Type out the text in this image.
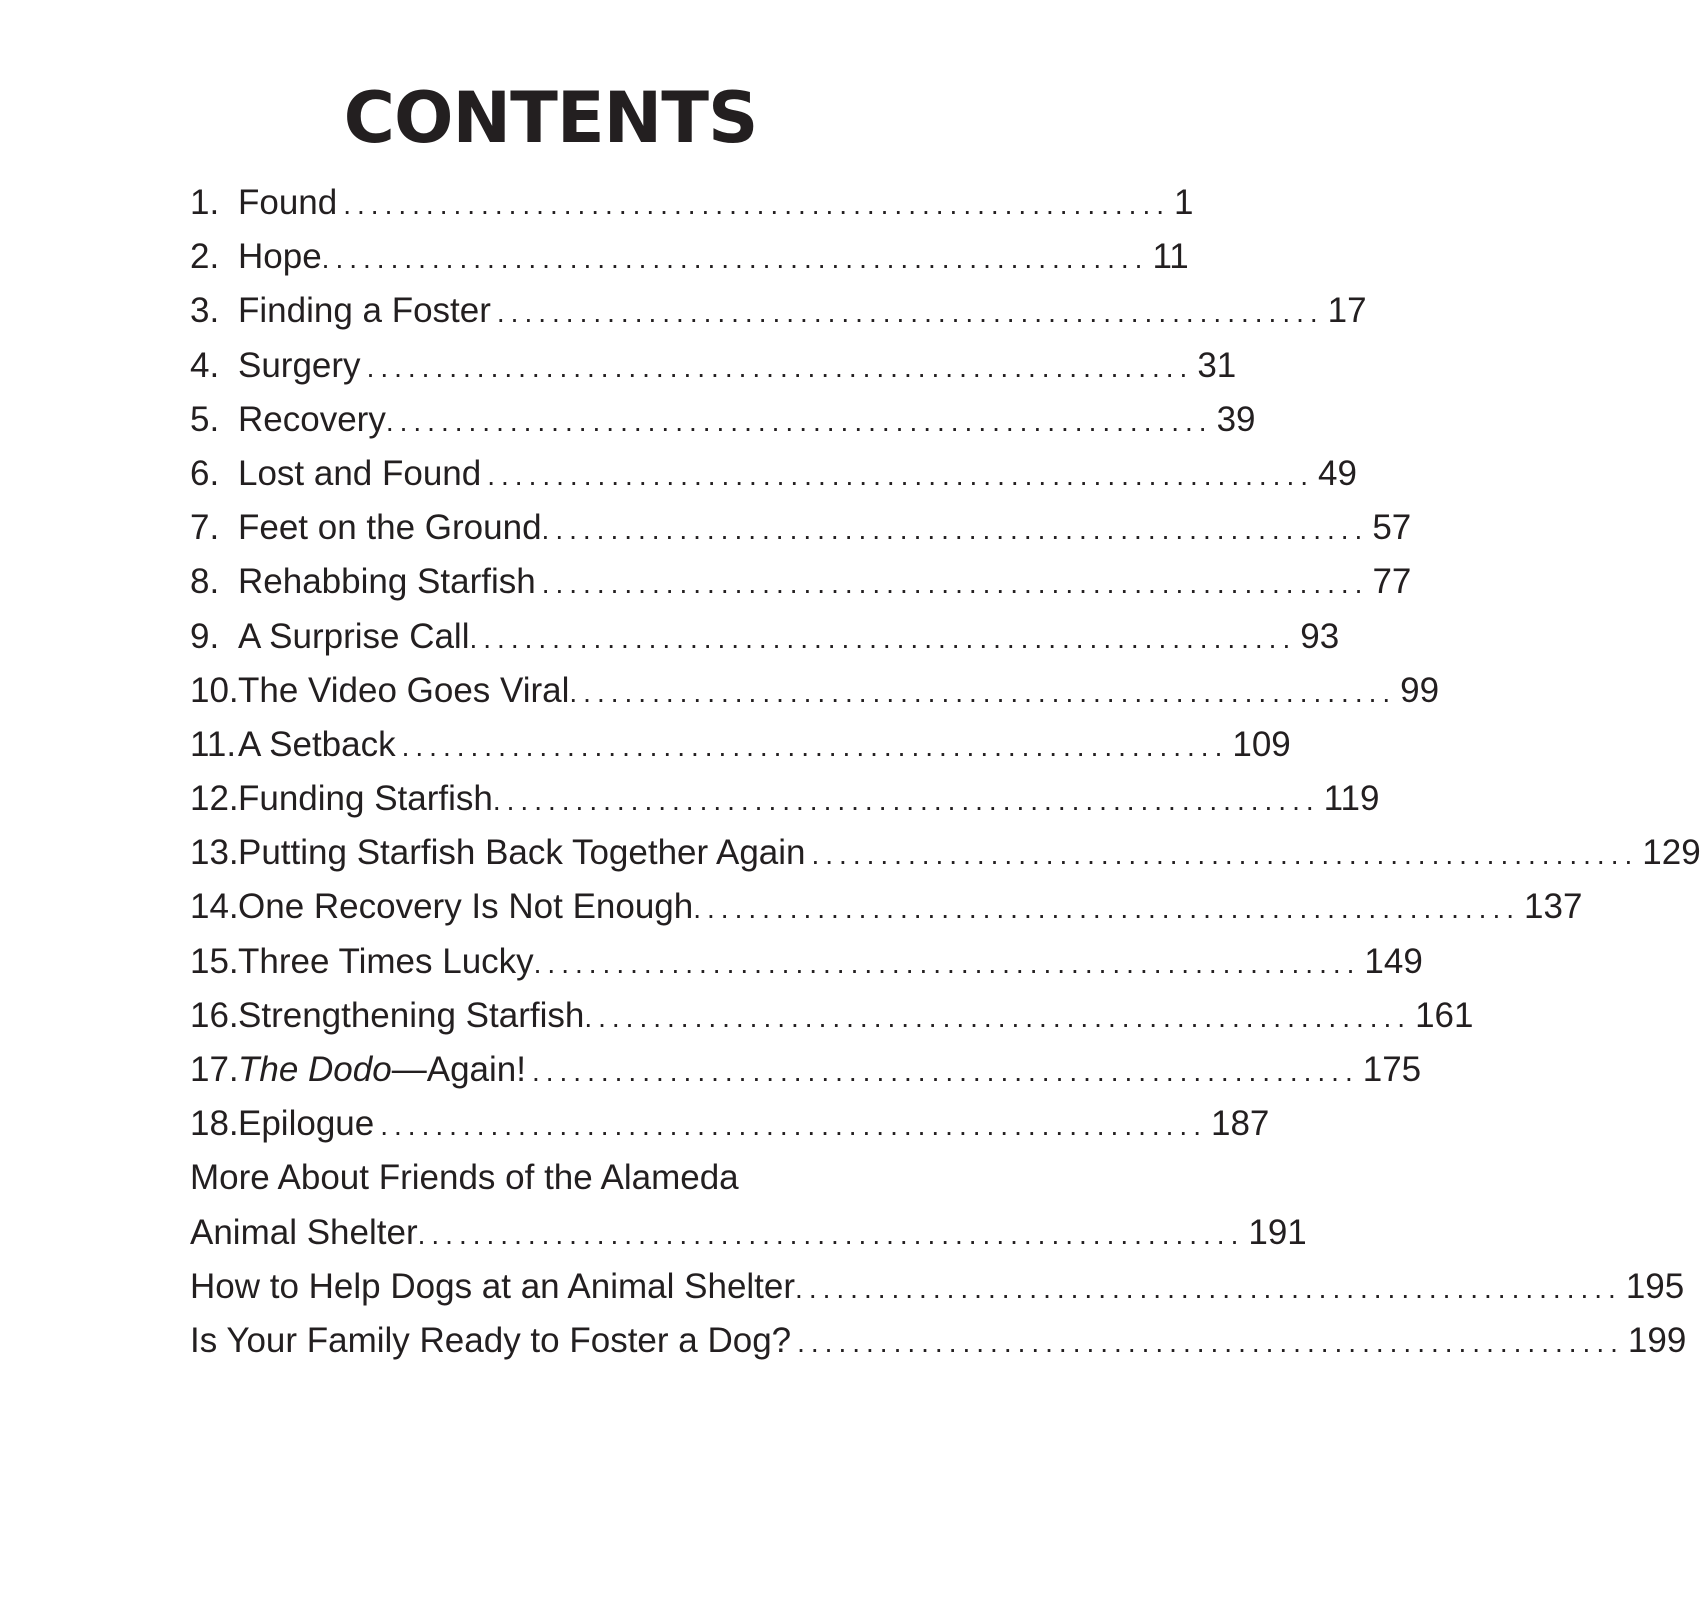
CONTENTS
1. Found ............................................................ 1
2. Hope ............................................................ 11
3. Finding a Foster ............................................................ 17
4. Surgery ............................................................ 31
5. Recovery ............................................................ 39
6. Lost and Found ............................................................ 49
7. Feet on the Ground ............................................................ 57
8. Rehabbing Starfish ............................................................ 77
9. A Surprise Call ............................................................ 93
10. The Video Goes Viral ............................................................ 99
11. A Setback ............................................................ 109
12. Funding Starfish ............................................................ 119
13. Putting Starfish Back Together Again ............................................................ 129
14. One Recovery Is Not Enough ............................................................ 137
15. Three Times Lucky ............................................................ 149
16. Strengthening Starfish ............................................................ 161
17. The Dodo—Again! ............................................................ 175
18. Epilogue ............................................................ 187
More About Friends of the Alameda
Animal Shelter ............................................................ 191
How to Help Dogs at an Animal Shelter ............................................................ 195
Is Your Family Ready to Foster a Dog? ............................................................ 199
